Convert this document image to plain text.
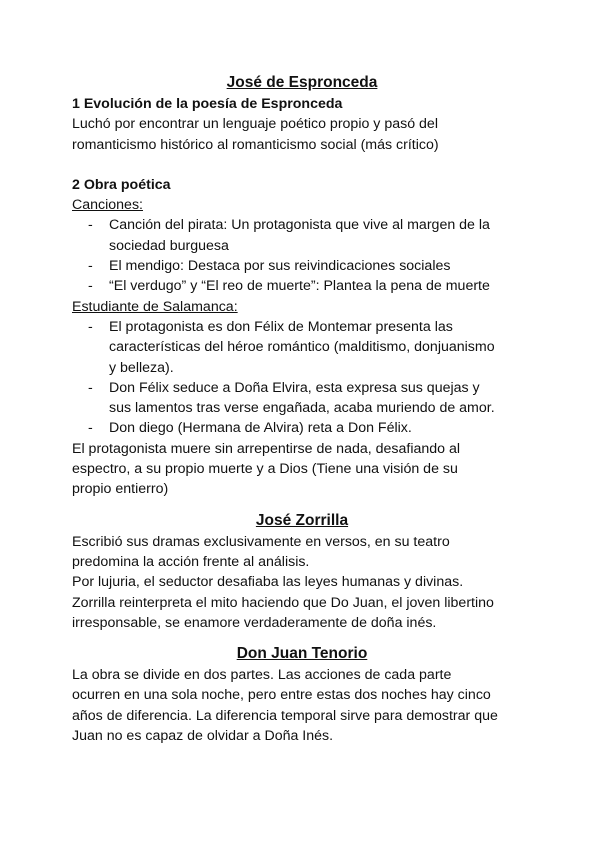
José de Espronceda
1 Evolución de la poesía de Espronceda

Luchó por encontrar un lenguaje poético propio y pasó del

romanticismo histórico al romanticismo social (más crítico)

2 Obra poética

Canciones:

- Canción del pirata: Un protagonista que vive al margen de la
sociedad burguesa
- El mendigo: Destaca por sus reivindicaciones sociales
- “El verdugo” y “El reo de muerte”: Plantea la pena de muerte

Estudiante de Salamanca:

- El protagonista es don Félix de Montemar presenta las
características del héroe romántico (malditismo, donjuanismo
y belleza).
- Don Félix seduce a Doña Elvira, esta expresa sus quejas y
sus lamentos tras verse engañada, acaba muriendo de amor.
- Don diego (Hermana de Alvira) reta a Don Félix.

El protagonista muere sin arrepentirse de nada, desafiando al

espectro, a su propio muerte y a Dios (Tiene una visión de su

propio entierro)

José Zorrilla

Escribió sus dramas exclusivamente en versos, en su teatro

predomina la acción frente al análisis.

Por lujuria, el seductor desafiaba las leyes humanas y divinas.

Zorrilla reinterpreta el mito haciendo que Do Juan, el joven libertino

irresponsable, se enamore verdaderamente de doña inés.

Don Juan Tenorio

La obra se divide en dos partes. Las acciones de cada parte

ocurren en una sola noche, pero entre estas dos noches hay cinco

años de diferencia. La diferencia temporal sirve para demostrar que

Juan no es capaz de olvidar a Doña Inés.
